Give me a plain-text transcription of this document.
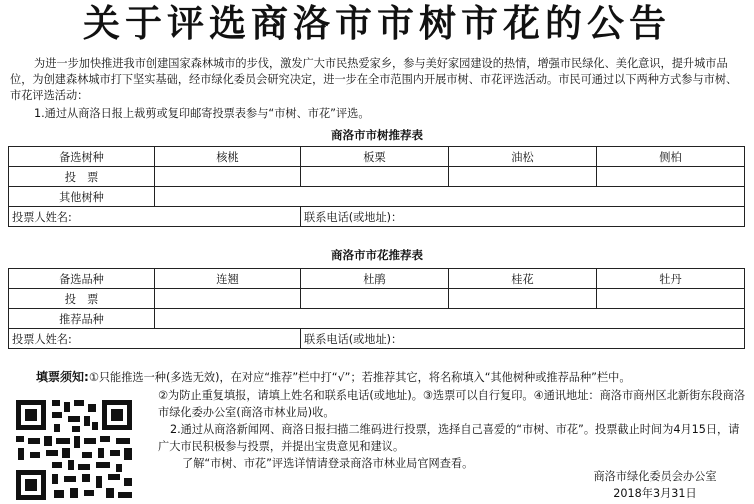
关于评选商洛市市树市花的公告

为进一步加快推进我市创建国家森林城市的步伐，激发广大市民热爱家乡，参与美好家园建设的热情，增强市民绿化、美化意识，提升城市品位，为创建森林城市打下坚实基础，经市绿化委员会研究决定，进一步在全市范围内开展市树、市花评选活动。市民可通过以下两种方式参与市树、市花评选活动：

1.通过从商洛日报上裁剪或复印邮寄投票表参与“市树、市花”评选。
商洛市市树推荐表
备选树种	核桃	板栗	油松	侧柏
投　票				
其他树种				
投票人姓名:		联系电话(或地址)：		
商洛市市花推荐表
备选品种	连翘	杜鹃	桂花	牡丹
投　票				
推荐品种				
投票人姓名:		联系电话(或地址)：		
填票须知:①只能推选一种(多选无效)，在对应“推荐”栏中打“√”；若推荐其它，将名称填入“其他树种或推荐品种”栏中。

②为防止重复填报，请填上姓名和联系电话(或地址)。③选票可以自行复印。④通讯地址：商洛市商州区北新街东段商洛市绿化委办公室(商洛市林业局)收。

2.通过从商洛新闻网、商洛日报扫描二维码进行投票，选择自己喜爱的“市树、市花”。投票截止时间为4月15日，请广大市民积极参与投票，并提出宝贵意见和建议。

了解“市树、市花”评选详情请登录商洛市林业局官网查看。

商洛市绿化委员会办公室
2018年3月31日
